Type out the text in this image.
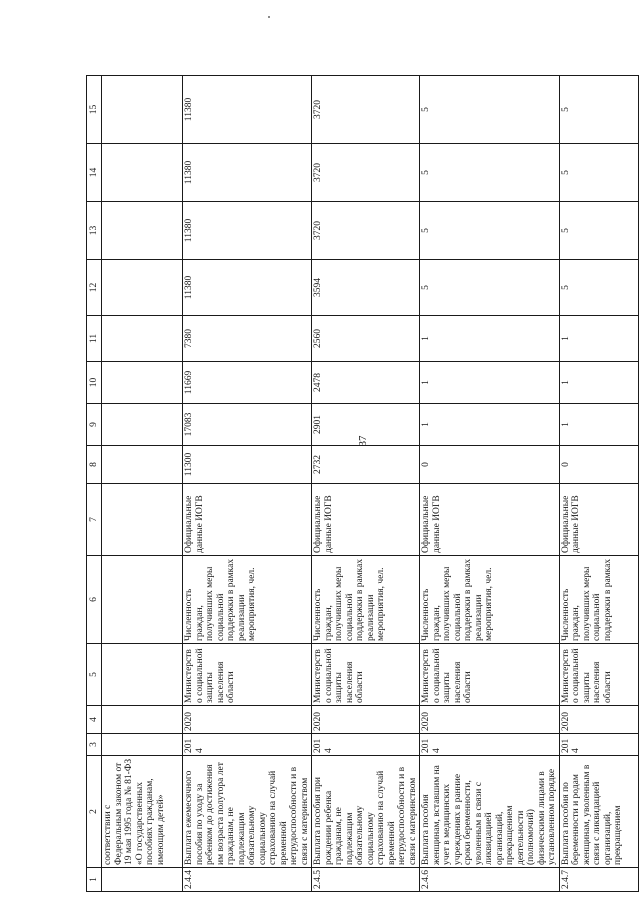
37
1	2	3	4	5	6	7	8	9	10	11	12	13	14	15
	соответствии с Федеральным законом от 19 мая 1995 года № 81-ФЗ «О государственных пособиях гражданам, имеющим детей»													
2.4.4	Выплата ежемесячного пособия по уходу за ребенком до достижения им возраста полутора лет гражданам, не подлежащим обязательному социальному страхованию на случай временной нетрудоспособности и в связи с материнством	2014	2020	Министерство социальной защиты населения области	Численность граждан, получивших меры социальной поддержки в рамках реализации мероприятия, чел.	Официальные данные ИОГВ	11300	17083	11669	7380	11380	11380	11380	11380
2.4.5	Выплата пособия при рождении ребенка гражданам, не подлежащим обязательному социальному страхованию на случай временной нетрудоспособности и в связи с материнством	2014	2020	Министерство социальной защиты населения области	Численность граждан, получивших меры социальной поддержки в рамках реализации мероприятия, чел.	Официальные данные ИОГВ	2732	2901	2478	2560	3594	3720	3720	3720
2.4.6	Выплата пособия женщинам, вставшим на учет в медицинских учреждениях в ранние сроки беременности, уволенным в связи с ликвидацией организаций, прекращением деятельности (полномочий) физическими лицами в установленном порядке	2014	2020	Министерство социальной защиты населения области	Численность граждан, получивших меры социальной поддержки в рамках реализации мероприятия, чел.	Официальные данные ИОГВ	0	1	1	1	5	5	5	5
2.4.7	Выплата пособия по беременности и родам женщинам, уволенным в связи с ликвидацией организаций, прекращением	2014	2020	Министерство социальной защиты населения области	Численность граждан, получивших меры социальной поддержки в рамках	Официальные данные ИОГВ	0	1	1	1	5	5	5	5
